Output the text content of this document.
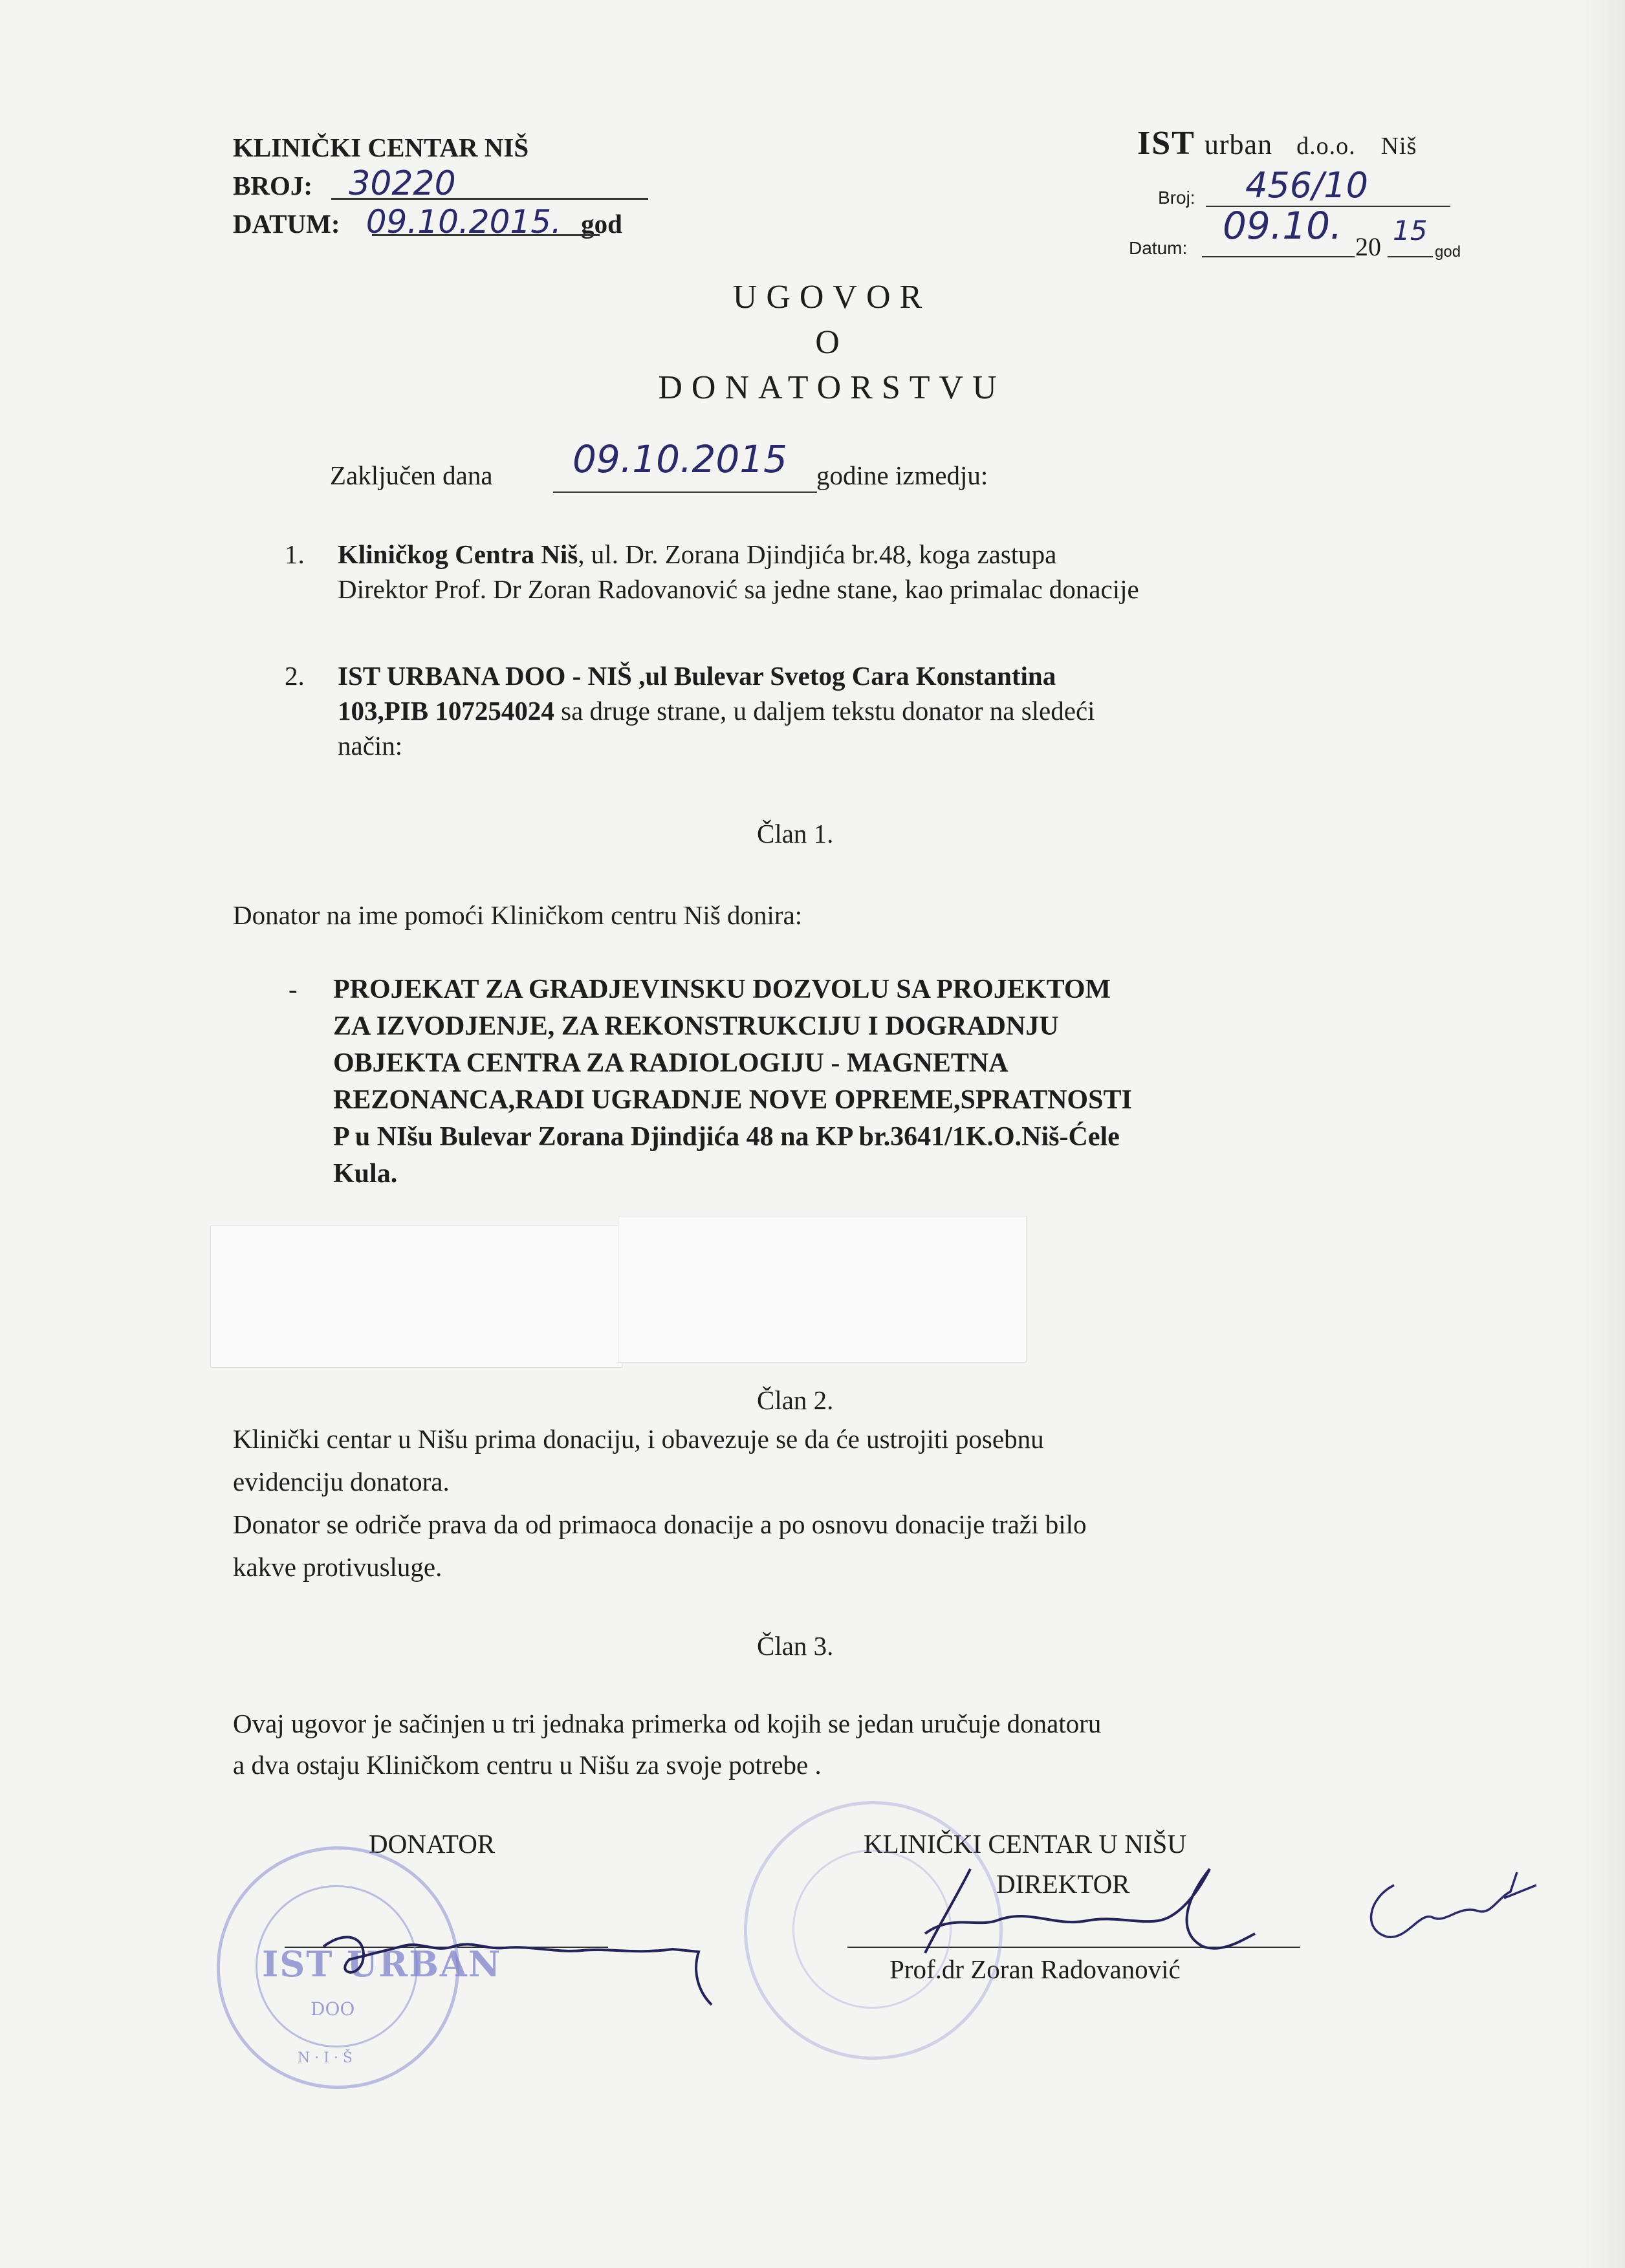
KLINIČKI CENTAR NIŠ
BROJ: 30220
DATUM: 09.10.2015. god
IST urban d.o.o. Niš
Broj: 456/10
Datum:
09.10. 20
15
god
UGOVOR
O
DONATORSTVU
Zaključen dana 09.10.2015 godine izmedju:
1. Kliničkog Centra Niš, ul. Dr. Zorana Djindjića br.48, koga zastupa
Direktor Prof. Dr Zoran Radovanović sa jedne stane, kao primalac donacije
2. IST URBANA DOO - NIŠ ,ul Bulevar Svetog Cara Konstantina
103,PIB 107254024 sa druge strane, u daljem tekstu donator na sledeći
način:
Član 1.
Donator na ime pomoći Kliničkom centru Niš donira:
- PROJEKAT ZA GRADJEVINSKU DOZVOLU SA PROJEKTOM
ZA IZVODJENJE, ZA REKONSTRUKCIJU I DOGRADNJU
OBJEKTA CENTRA ZA RADIOLOGIJU - MAGNETNA
REZONANCA,RADI UGRADNJE NOVE OPREME,SPRATNOSTI
P u NIšu Bulevar Zorana Djindjića 48 na KP br.3641/1K.O.Niš-Ćele
Kula.
Član 2.
Klinički centar u Nišu prima donaciju, i obavezuje se da će ustrojiti posebnu
evidenciju donatora.
Donator se odriče prava da od primaoca donacije a po osnovu donacije traži bilo
kakve protivusluge.
Član 3.
Ovaj ugovor je sačinjen u tri jednaka primerka od kojih se jedan uručuje donatoru
a dva ostaju Kliničkom centru u Nišu za svoje potrebe .
DONATOR	KLINIČKI CENTAR U NIŠU
DIREKTOR
Prof.dr Zoran Radovanović
IST URBAN
DOO
N · I · Š
